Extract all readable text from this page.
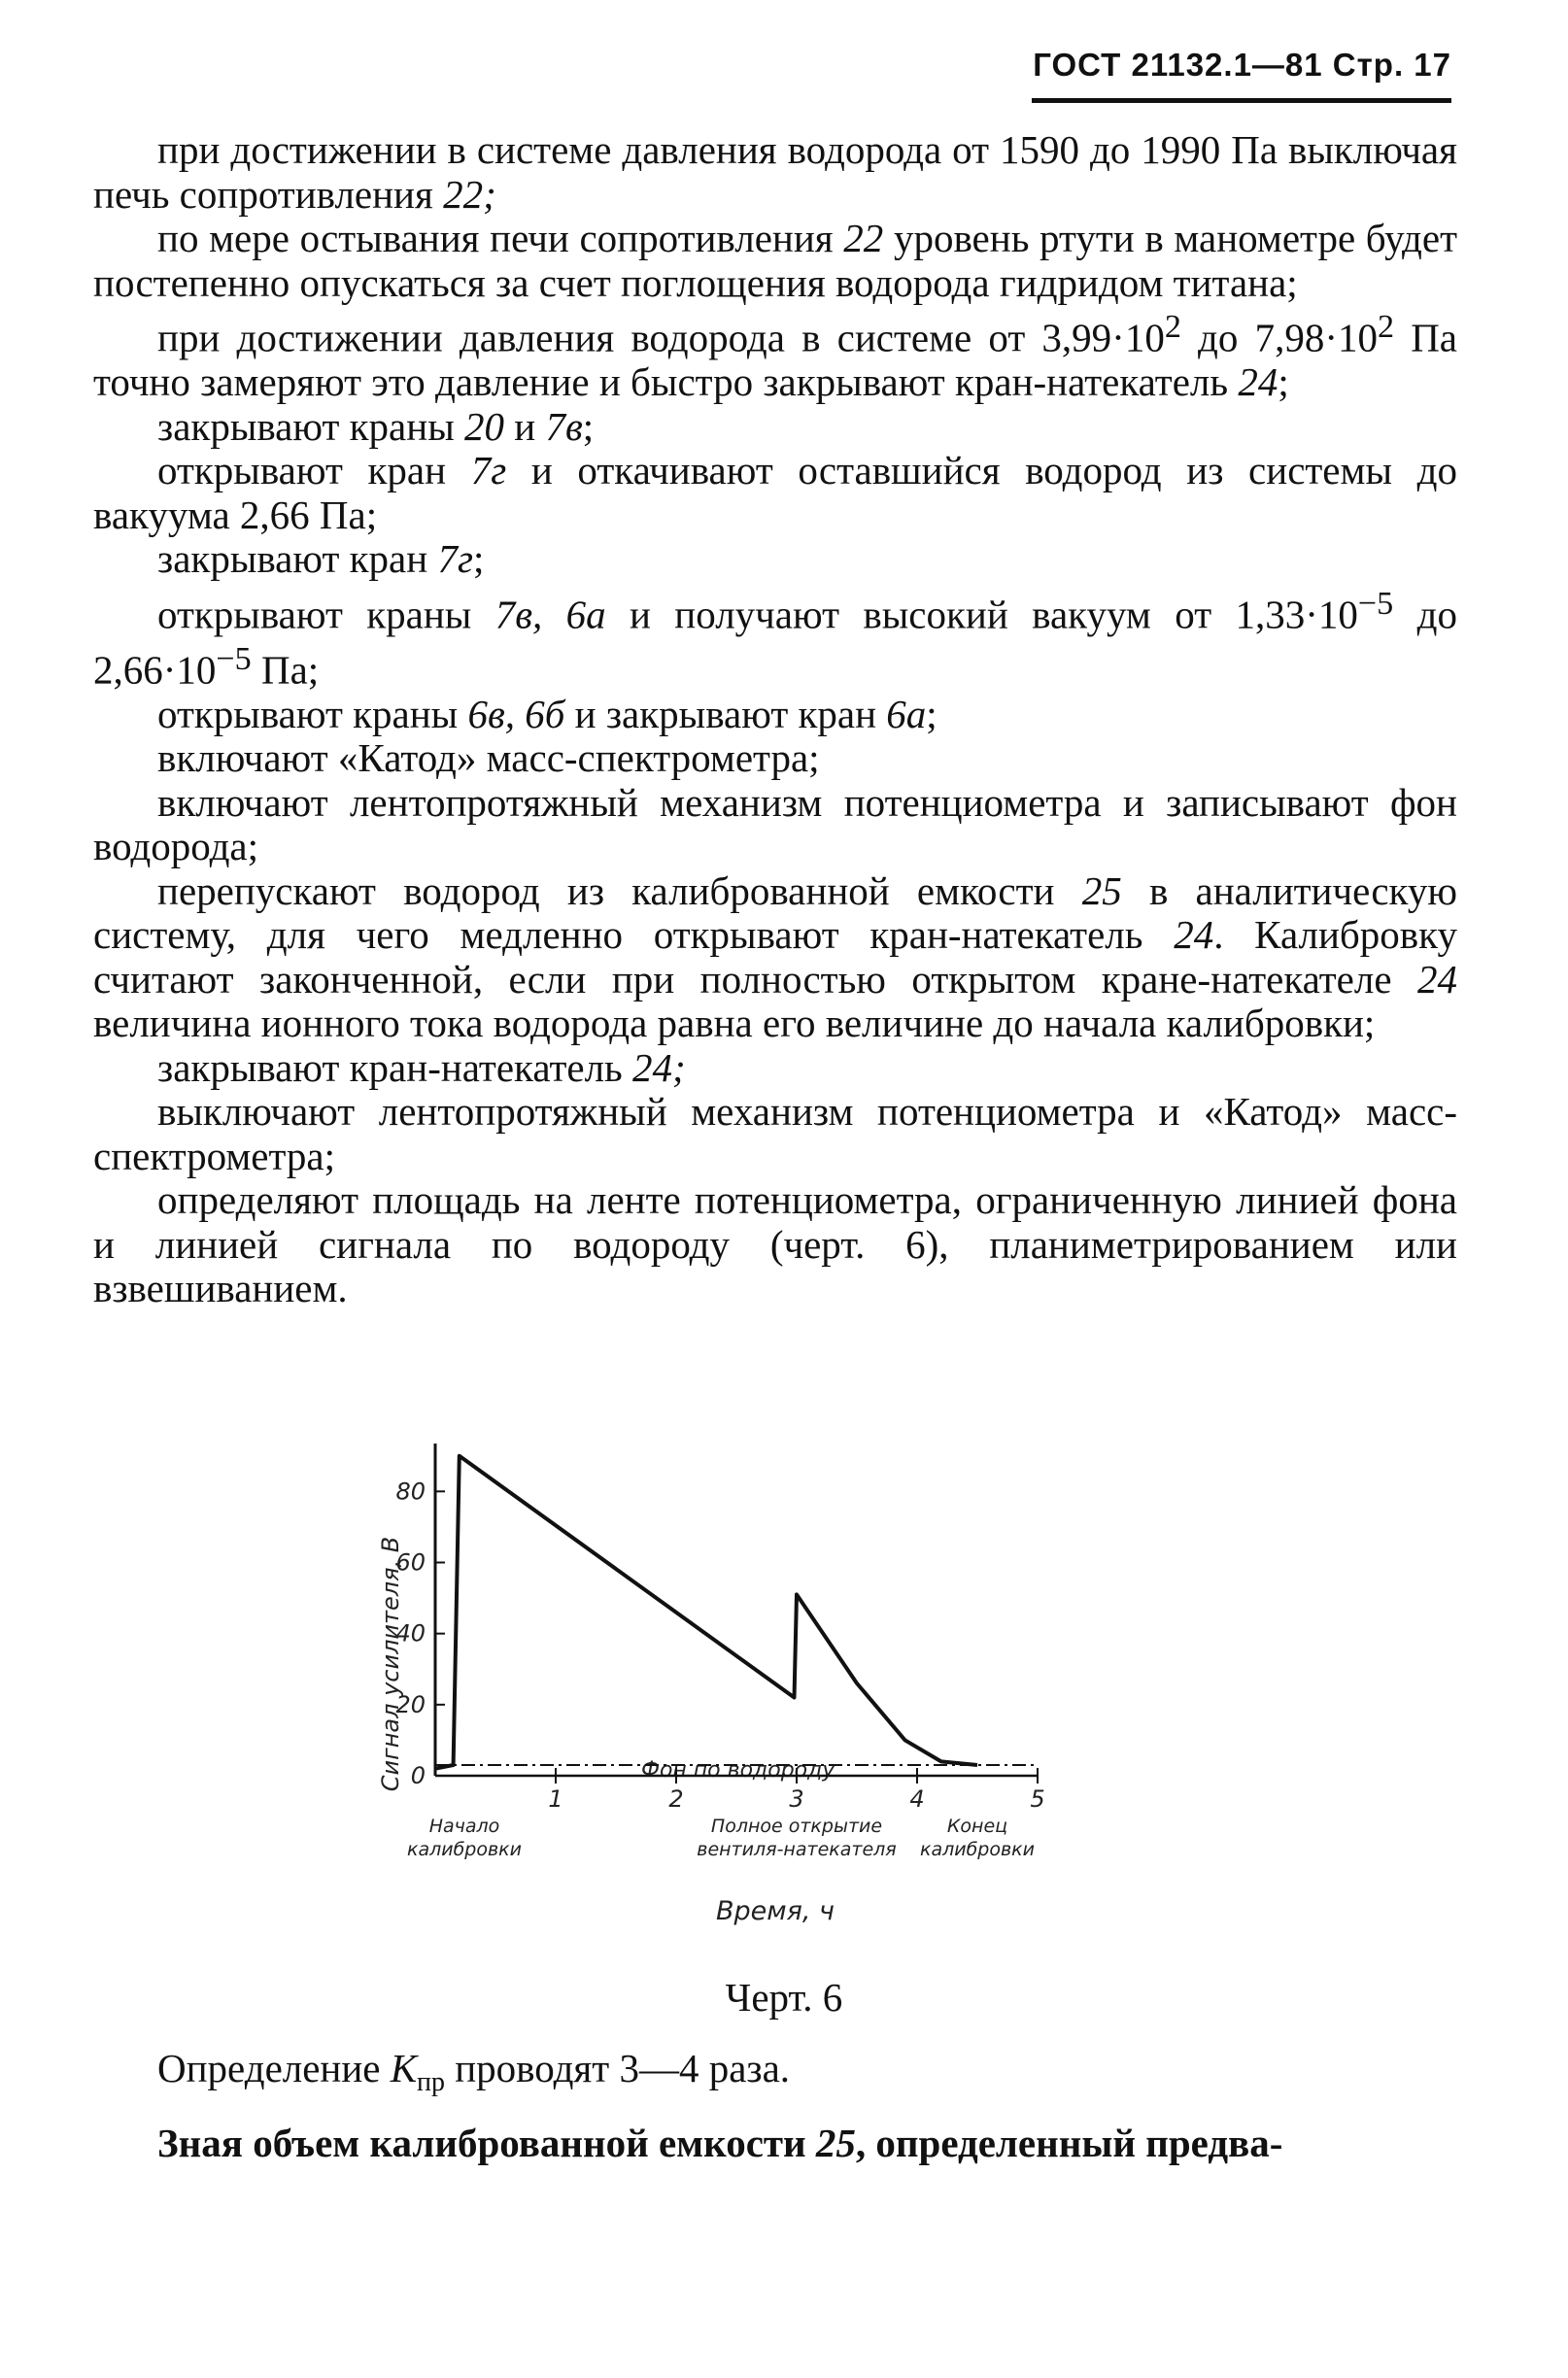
ГОСТ 21132.1—81 Стр. 17

при достижении в системе давления водорода от 1590 до 1990 Па выключая печь сопротивления 22;

по мере остывания печи сопротивления 22 уровень ртути в манометре будет постепенно опускаться за счет поглощения водорода гидридом титана;

при достижении давления водорода в системе от $3,99\cdot 10^2$ до $7,98\cdot 10^2$ Па точно замеряют это давление и быстро закрывают кран-натекатель 24;

закрывают краны 20 и 7в;

открывают кран 7г и откачивают оставшийся водород из системы до вакуума 2,66 Па;

закрывают кран 7г;

открывают краны 7в, 6а и получают высокий вакуум от $1,33\cdot 10^{-5}$ до $2,66\cdot 10^{-5}$ Па;

открывают краны 6в, 6б и закрывают кран 6а;

включают «Катод» масс-спектрометра;

включают лентопротяжный механизм потенциометра и записывают фон водорода;

перепускают водород из калиброванной емкости 25 в аналитическую систему, для чего медленно открывают кран-натекатель 24. Калибровку считают законченной, если при полностью открытом кране-натекателе 24 величина ионного тока водорода равна его величине до начала калибровки;

закрывают кран-натекатель 24;

выключают лентопротяжный механизм потенциометра и «Катод» масс-спектрометра;

определяют площадь на ленте потенциометра, ограниченную линией фона и линией сигнала по водороду (черт. 6), планиметрированием или взвешиванием.

Сигнал усилителя, В
Время, ч
Фон по водороду
0
20
40
60
80
1	2	3	4	5
Начало
калибровки
Полное открытие
вентиля-натекателя
Конец
калибровки
Черт. 6

Определение $К_{пр}$ проводят 3—4 раза.

Зная объем калиброванной емкости 25, определенный предва-
